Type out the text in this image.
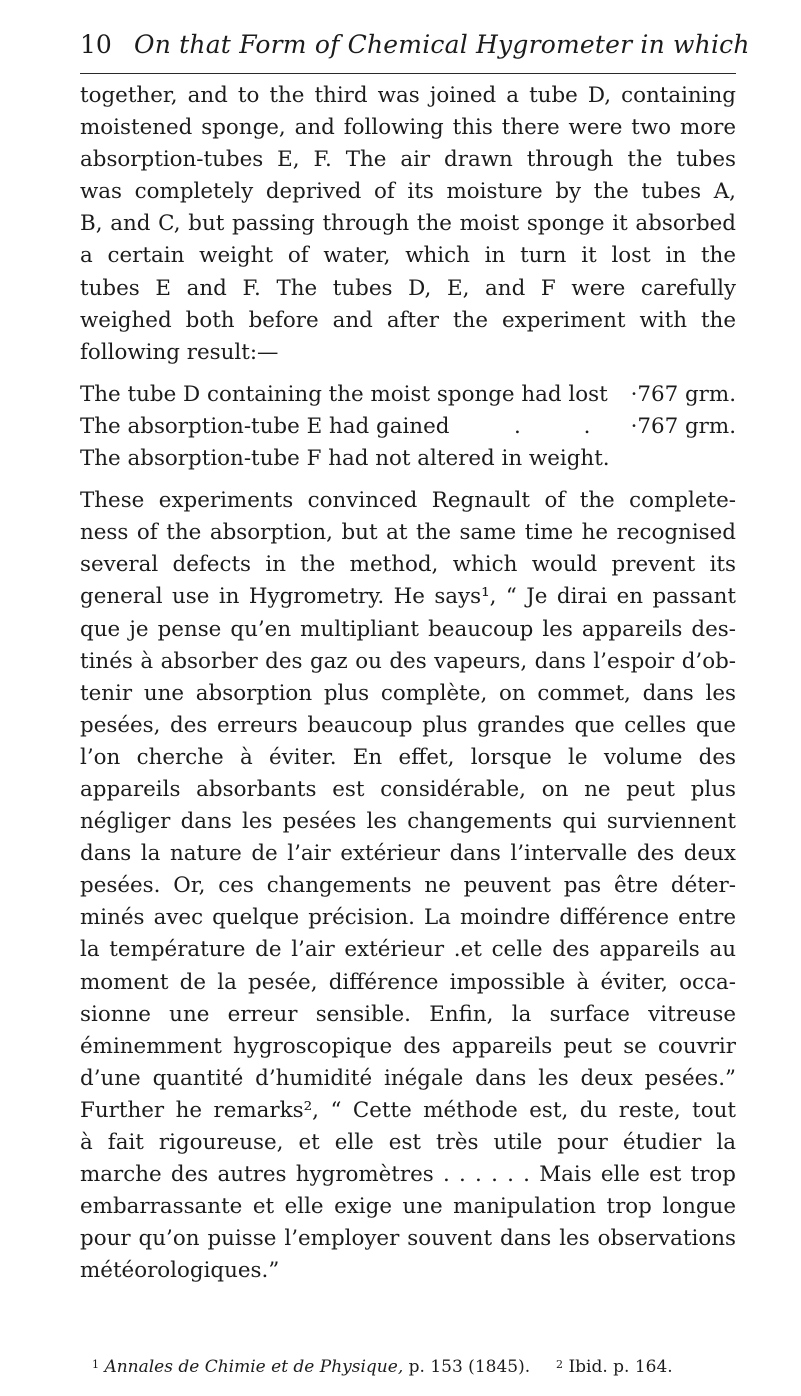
10 On that Form of Chemical Hygrometer in which

together, and to the third was joined a tube D, containing
moistened sponge, and following this there were two more
absorption-tubes E, F. The air drawn through the tubes
was completely deprived of its moisture by the tubes A,
B, and C, but passing through the moist sponge it absorbed
a certain weight of water, which in turn it lost in the
tubes E and F. The tubes D, E, and F were carefully
weighed both before and after the experiment with the
following result:—

The tube D containing the moist sponge had lost ·767 grm.
The absorption-tube E had gained	. . ·767 grm.
The absorption-tube F had not altered in weight.

These experiments convinced Regnault of the complete-
ness of the absorption, but at the same time he recognised
several defects in the method, which would prevent its
general use in Hygrometry. He says¹, “ Je dirai en passant
que je pense qu’en multipliant beaucoup les appareils des-
tinés à absorber des gaz ou des vapeurs, dans l’espoir d’ob-
tenir une absorption plus complète, on commet, dans les
pesées, des erreurs beaucoup plus grandes que celles que
l’on cherche à éviter. En effet, lorsque le volume des
appareils absorbants est considérable, on ne peut plus
négliger dans les pesées les changements qui surviennent
dans la nature de l’air extérieur dans l’intervalle des deux
pesées. Or, ces changements ne peuvent pas être déter-
minés avec quelque précision. La moindre différence entre
la température de l’air extérieur .et celle des appareils au
moment de la pesée, différence impossible à éviter, occa-
sionne une erreur sensible. Enfin, la surface vitreuse
éminemment hygroscopique des appareils peut se couvrir
d’une quantité d’humidité inégale dans les deux pesées.”
Further he remarks², “ Cette méthode est, du reste, tout
à fait rigoureuse, et elle est très utile pour étudier la
marche des autres hygromètres . . . . . . Mais elle est trop
embarrassante et elle exige une manipulation trop longue
pour qu’on puisse l’employer souvent dans les observations
météorologiques.”

$^1$ Annales de Chimie et de Physique, p. 153 (1845). $^2$ Ibid. p. 164.
